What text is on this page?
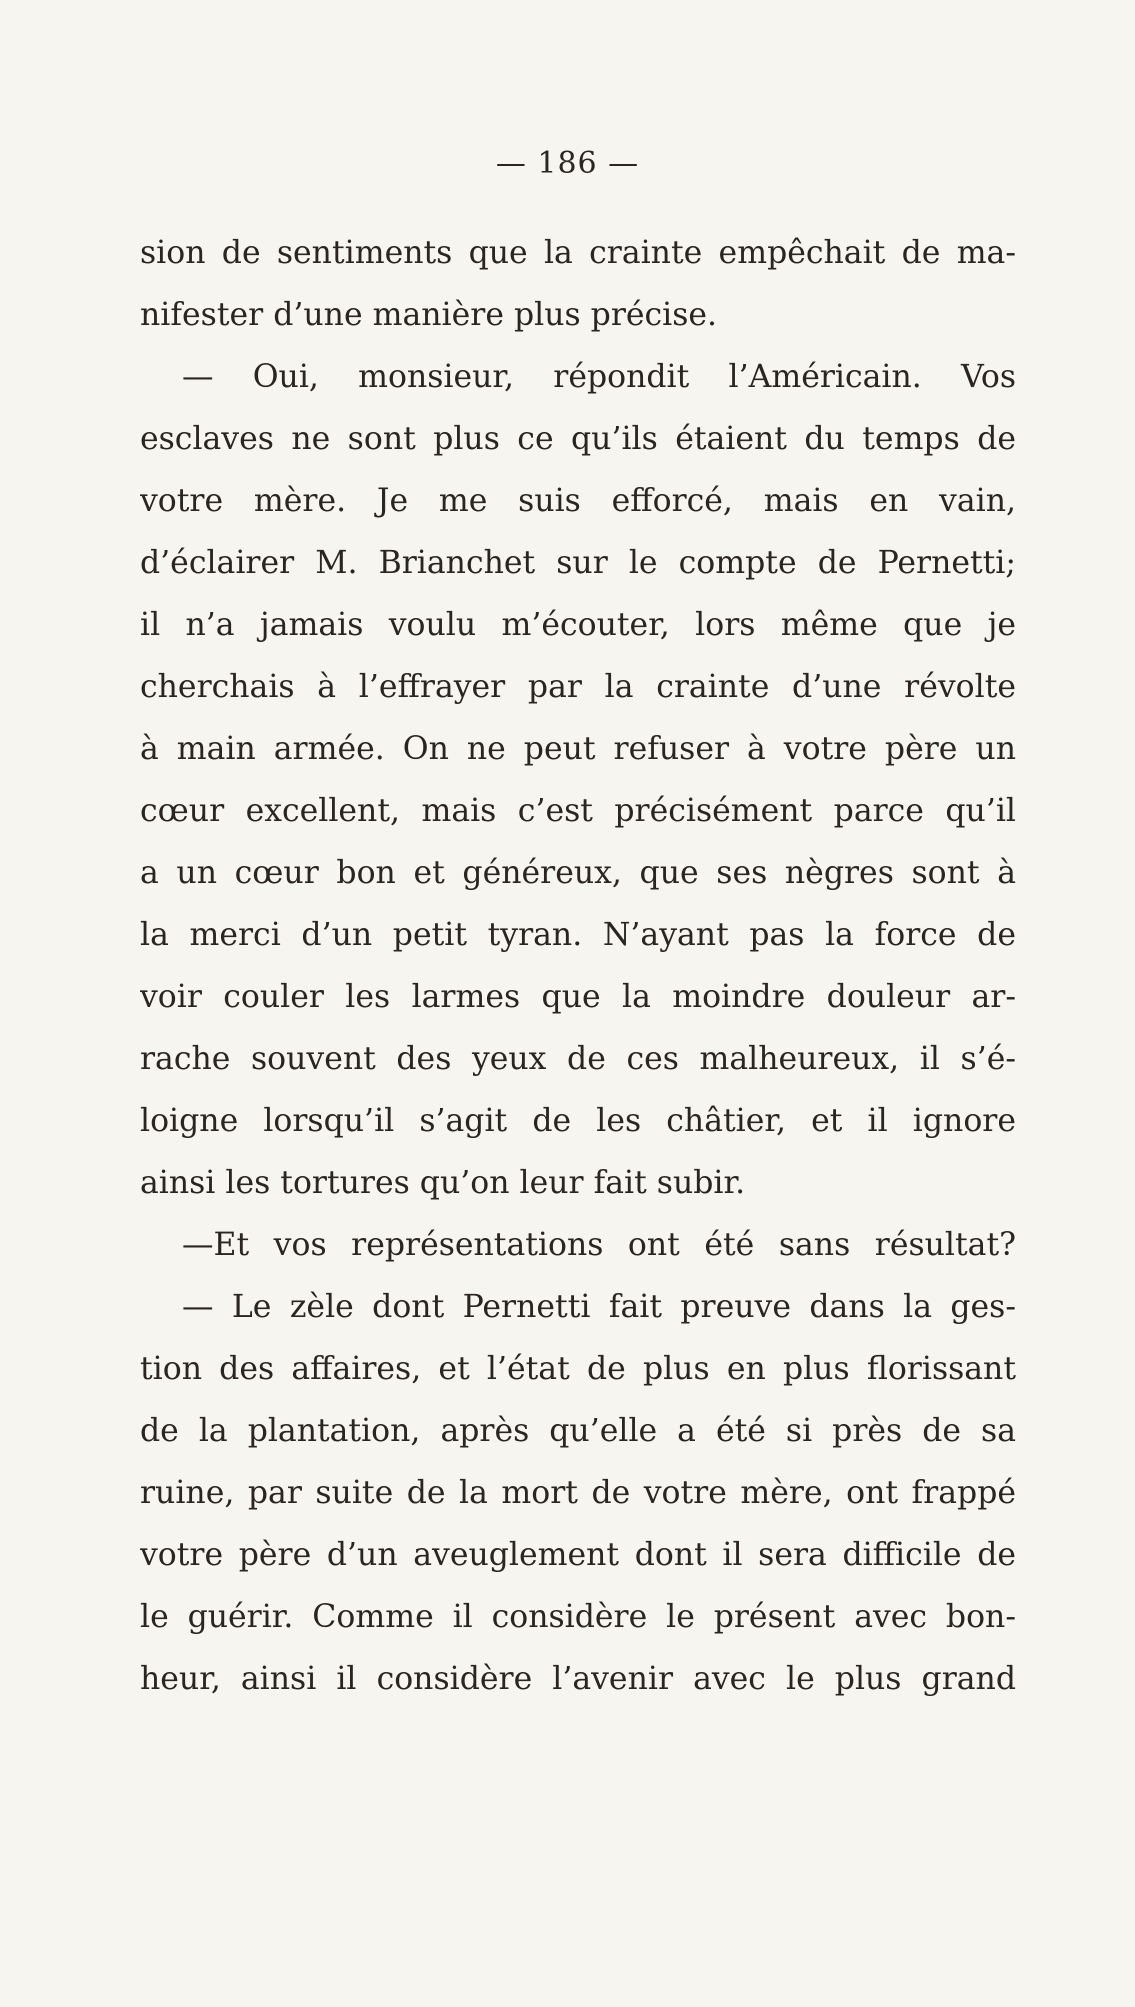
— 186 —
sion de sentiments que la crainte empêchait de ma-
nifester d’une manière plus précise.
— Oui, monsieur, répondit l’Américain. Vos
esclaves ne sont plus ce qu’ils étaient du temps de
votre mère. Je me suis efforcé, mais en vain,
d’éclairer M. Brianchet sur le compte de Pernetti;
il n’a jamais voulu m’écouter, lors même que je
cherchais à l’effrayer par la crainte d’une révolte
à main armée. On ne peut refuser à votre père un
cœur excellent, mais c’est précisément parce qu’il
a un cœur bon et généreux, que ses nègres sont à
la merci d’un petit tyran. N’ayant pas la force de
voir couler les larmes que la moindre douleur ar-
rache souvent des yeux de ces malheureux, il s’é-
loigne lorsqu’il s’agit de les châtier, et il ignore
ainsi les tortures qu’on leur fait subir.
—Et vos représentations ont été sans résultat?
— Le zèle dont Pernetti fait preuve dans la ges-
tion des affaires, et l’état de plus en plus florissant
de la plantation, après qu’elle a été si près de sa
ruine, par suite de la mort de votre mère, ont frappé
votre père d’un aveuglement dont il sera difficile de
le guérir. Comme il considère le présent avec bon-
heur, ainsi il considère l’avenir avec le plus grand
